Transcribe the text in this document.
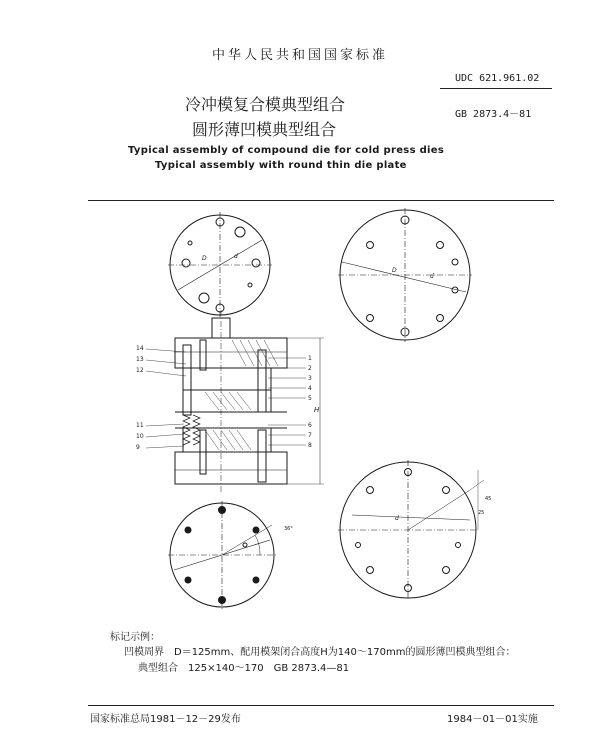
中华人民共和国国家标准
UDC 621.961.02
GB 2873.4－81
冷冲模复合模典型组合
圆形薄凹模典型组合
Typical assembly of compound die for cold press dies
Typical assembly with round thin die plate
14
13
12
11
10
9
1
2
3
4
5
6
7
8
H
D	d
D
d
d
45
25
36°
标记示例：
凹模周界　D＝125mm、配用模架闭合高度H为140～170mm的圆形薄凹模典型组合：
典型组合　125×140～170　GB 2873.4—81
国家标准总局1981－12－29发布	1984－01－01实施
